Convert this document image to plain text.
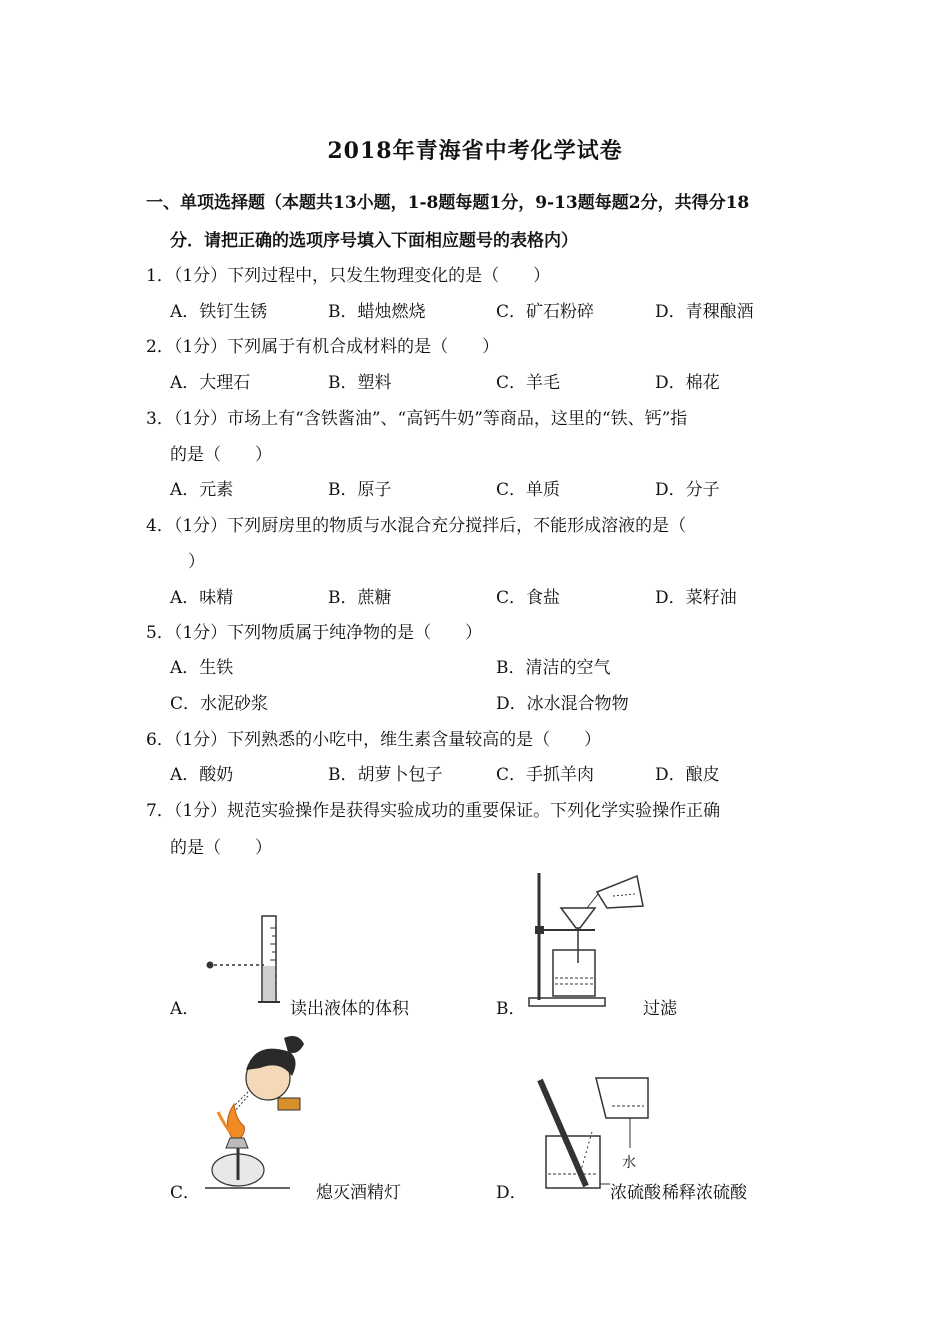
2018年青海省中考化学试卷
一、单项选择题（本题共13小题，1-8题每题1分，9-13题每题2分，共得分18
分．请把正确的选项序号填入下面相应题号的表格内）
1．（1分）下列过程中，只发生物理变化的是（　　）
A．铁钉生锈	B．蜡烛燃烧	C．矿石粉碎	D．青稞酿酒
2．（1分）下列属于有机合成材料的是（　　）
A．大理石	B．塑料	C．羊毛	D．棉花
3．（1分）市场上有“含铁酱油”、“高钙牛奶”等商品，这里的“铁、钙”指
的是（　　）
A．元素	B．原子	C．单质	D．分子
4．（1分）下列厨房里的物质与水混合充分搅拌后，不能形成溶液的是（
）
A．味精	B．蔗糖	C．食盐	D．菜籽油
5．（1分）下列物质属于纯净物的是（　　）
A．生铁	B．清洁的空气
C．水泥砂浆	D．冰水混合物物
6．（1分）下列熟悉的小吃中，维生素含量较高的是（　　）
A．酸奶	B．胡萝卜包子	C．手抓羊肉	D．酿皮
7．（1分）规范实验操作是获得实验成功的重要保证。下列化学实验操作正确
的是（　　）
A．	读出液体的体积	B．	过滤
C．	熄灭酒精灯	D．
水
浓硫酸 稀释浓硫酸
